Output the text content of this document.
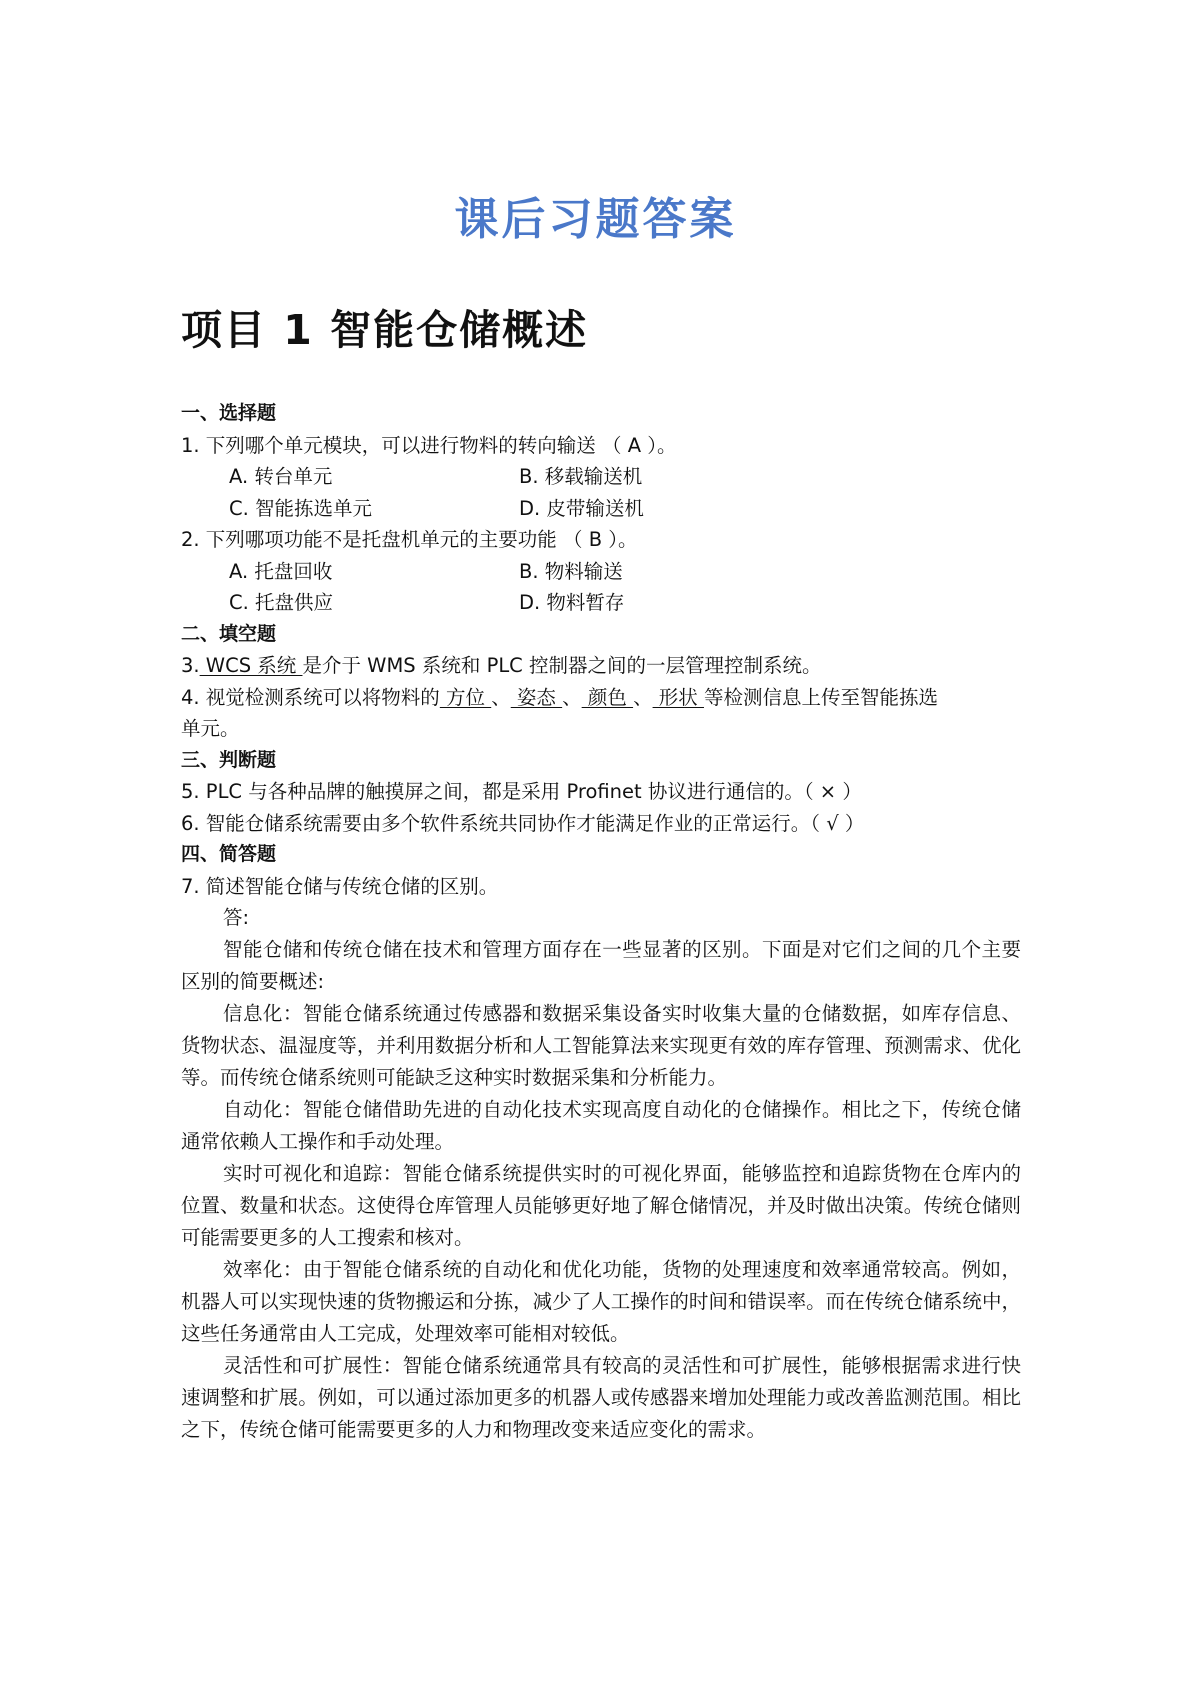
课后习题答案
项目 1 智能仓储概述
一、选择题
1. 下列哪个单元模块，可以进行物料的转向输送 （ A ）。
A. 转台单元	B. 移载输送机
C. 智能拣选单元	D. 皮带输送机
2. 下列哪项功能不是托盘机单元的主要功能 （ B ）。
A. 托盘回收	B. 物料输送
C. 托盘供应	D. 物料暂存
二、填空题
3. WCS 系统 是介于 WMS 系统和 PLC 控制器之间的一层管理控制系统。
4. 视觉检测系统可以将物料的 方位 、 姿态 、 颜色 、 形状 等检测信息上传至智能拣选
单元。
三、判断题
5. PLC 与各种品牌的触摸屏之间，都是采用 Profinet 协议进行通信的。（ × ）
6. 智能仓储系统需要由多个软件系统共同协作才能满足作业的正常运行。（ √ ）
四、简答题
7. 简述智能仓储与传统仓储的区别。
答:
智能仓储和传统仓储在技术和管理方面存在一些显著的区别。下面是对它们之间的几个主要区别的简要概述:
信息化：智能仓储系统通过传感器和数据采集设备实时收集大量的仓储数据，如库存信息、货物状态、温湿度等，并利用数据分析和人工智能算法来实现更有效的库存管理、预测需求、优化等。而传统仓储系统则可能缺乏这种实时数据采集和分析能力。
自动化：智能仓储借助先进的自动化技术实现高度自动化的仓储操作。相比之下，传统仓储通常依赖人工操作和手动处理。
实时可视化和追踪：智能仓储系统提供实时的可视化界面，能够监控和追踪货物在仓库内的位置、数量和状态。这使得仓库管理人员能够更好地了解仓储情况，并及时做出决策。传统仓储则可能需要更多的人工搜索和核对。
效率化：由于智能仓储系统的自动化和优化功能，货物的处理速度和效率通常较高。例如，机器人可以实现快速的货物搬运和分拣，减少了人工操作的时间和错误率。而在传统仓储系统中，这些任务通常由人工完成，处理效率可能相对较低。
灵活性和可扩展性：智能仓储系统通常具有较高的灵活性和可扩展性，能够根据需求进行快速调整和扩展。例如，可以通过添加更多的机器人或传感器来增加处理能力或改善监测范围。相比之下，传统仓储可能需要更多的人力和物理改变来适应变化的需求。
